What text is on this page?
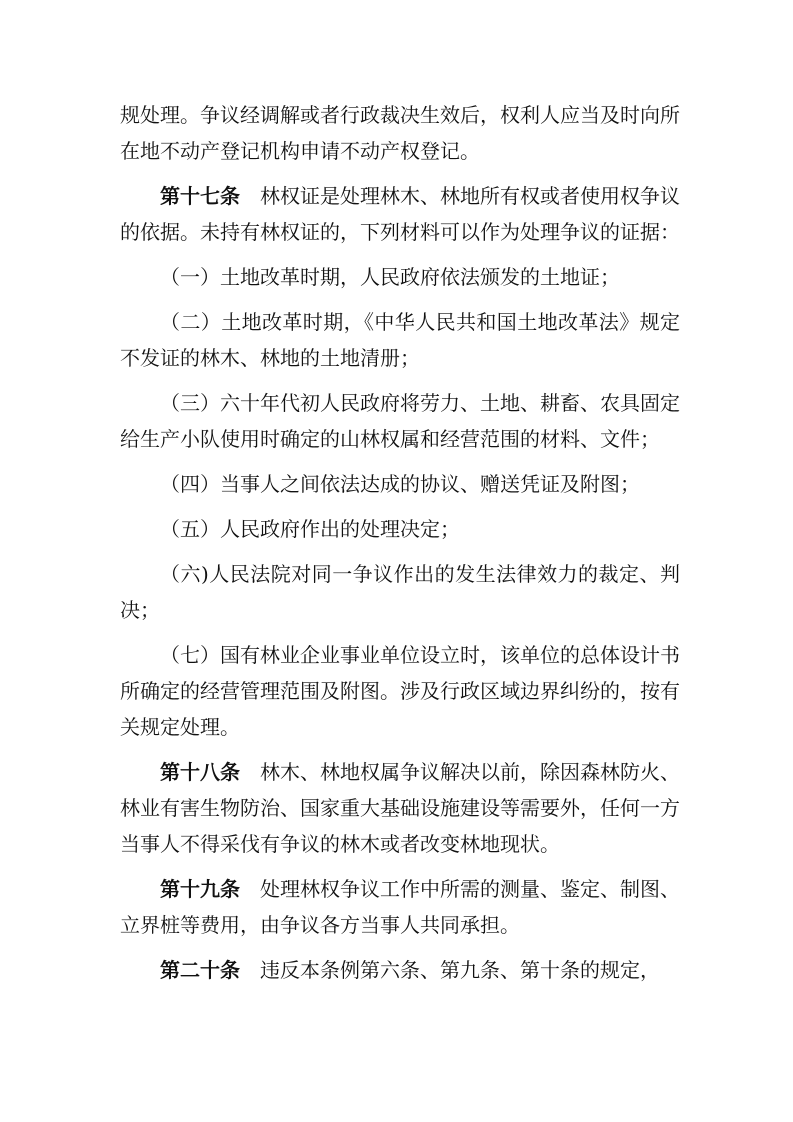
规处理。争议经调解或者行政裁决生效后，权利人应当及时向所在地不动产登记机构申请不动产权登记。

第十七条 林权证是处理林木、林地所有权或者使用权争议的依据。未持有林权证的，下列材料可以作为处理争议的证据：

（一）土地改革时期，人民政府依法颁发的土地证；

（二）土地改革时期，《中华人民共和国土地改革法》规定不发证的林木、林地的土地清册；

（三）六十年代初人民政府将劳力、土地、耕畜、农具固定给生产小队使用时确定的山林权属和经营范围的材料、文件；

（四）当事人之间依法达成的协议、赠送凭证及附图；

（五）人民政府作出的处理决定；

（六)人民法院对同一争议作出的发生法律效力的裁定、判决；

（七）国有林业企业事业单位设立时，该单位的总体设计书所确定的经营管理范围及附图。涉及行政区域边界纠纷的，按有关规定处理。

第十八条 林木、林地权属争议解决以前，除因森林防火、林业有害生物防治、国家重大基础设施建设等需要外，任何一方当事人不得采伐有争议的林木或者改变林地现状。

第十九条 处理林权争议工作中所需的测量、鉴定、制图、立界桩等费用，由争议各方当事人共同承担。

第二十条 违反本条例第六条、第九条、第十条的规定，
